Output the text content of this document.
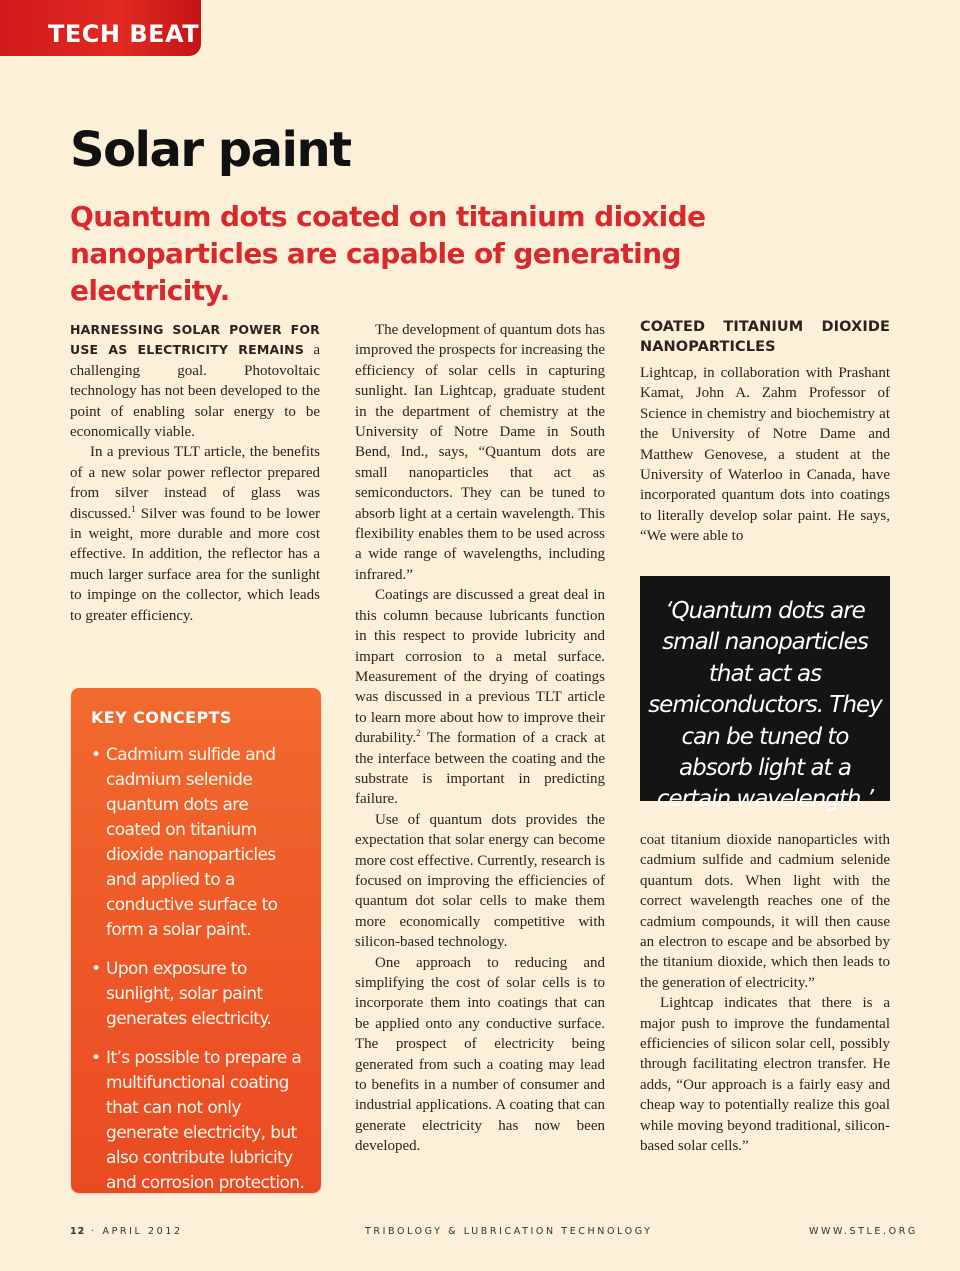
TECH BEAT
Solar paint
Quantum dots coated on titanium dioxide nanoparticles are capable of generating electricity.

HARNESSING SOLAR POWER FOR USE AS ELECTRICITY REMAINS a challenging goal. Photovoltaic technology has not been developed to the point of enabling solar energy to be economically viable.

In a previous TLT article, the benefits of a new solar power reflector prepared from silver instead of glass was discussed.$^1$ Silver was found to be lower in weight, more durable and more cost effective. In addition, the reflector has a much larger surface area for the sunlight to impinge on the collector, which leads to greater efficiency.

KEY CONCEPTS
• Cadmium sulfide and cadmium selenide quantum dots are coated on titanium dioxide nanoparticles and applied to a conductive surface to form a solar paint.
• Upon exposure to sunlight, solar paint generates electricity.
• It’s possible to prepare a multifunctional coating that can not only generate electricity, but also contribute lubricity and corrosion protection.

The development of quantum dots has improved the prospects for increasing the efficiency of solar cells in capturing sunlight. Ian Lightcap, graduate student in the department of chemistry at the University of Notre Dame in South Bend, Ind., says, “Quantum dots are small nanoparticles that act as semiconductors. They can be tuned to absorb light at a certain wavelength. This flexibility enables them to be used across a wide range of wavelengths, including infrared.”

Coatings are discussed a great deal in this column because lubricants function in this respect to provide lubricity and impart corrosion to a metal surface. Measurement of the drying of coatings was discussed in a previous TLT article to learn more about how to improve their durability.$^2$ The formation of a crack at the interface between the coating and the substrate is important in predicting failure.

Use of quantum dots provides the expectation that solar energy can become more cost effective. Currently, research is focused on improving the efficiencies of quantum dot solar cells to make them more economically competitive with silicon-based technology.

One approach to reducing and simplifying the cost of solar cells is to incorporate them into coatings that can be applied onto any conductive surface. The prospect of electricity being generated from such a coating may lead to benefits in a number of consumer and industrial applications. A coating that can generate electricity has now been developed.

COATED TITANIUM DIOXIDE NANOPARTICLES

Lightcap, in collaboration with Prashant Kamat, John A. Zahm Professor of Science in chemistry and biochemistry at the University of Notre Dame and Matthew Genovese, a student at the University of Waterloo in Canada, have incorporated quantum dots into coatings to literally develop solar paint. He says, “We were able to

‘Quantum dots are small nanoparticles that act as semiconductors. They can be tuned to absorb light at a certain wavelength.’

coat titanium dioxide nanoparticles with cadmium sulfide and cadmium selenide quantum dots. When light with the correct wavelength reaches one of the cadmium compounds, it will then cause an electron to escape and be absorbed by the titanium dioxide, which then leads to the generation of electricity.”

Lightcap indicates that there is a major push to improve the fundamental efficiencies of silicon solar cell, possibly through facilitating electron transfer. He adds, “Our approach is a fairly easy and cheap way to potentially realize this goal while moving beyond traditional, silicon-based solar cells.”

12 · APRIL 2012	TRIBOLOGY & LUBRICATION TECHNOLOGY	WWW.STLE.ORG
